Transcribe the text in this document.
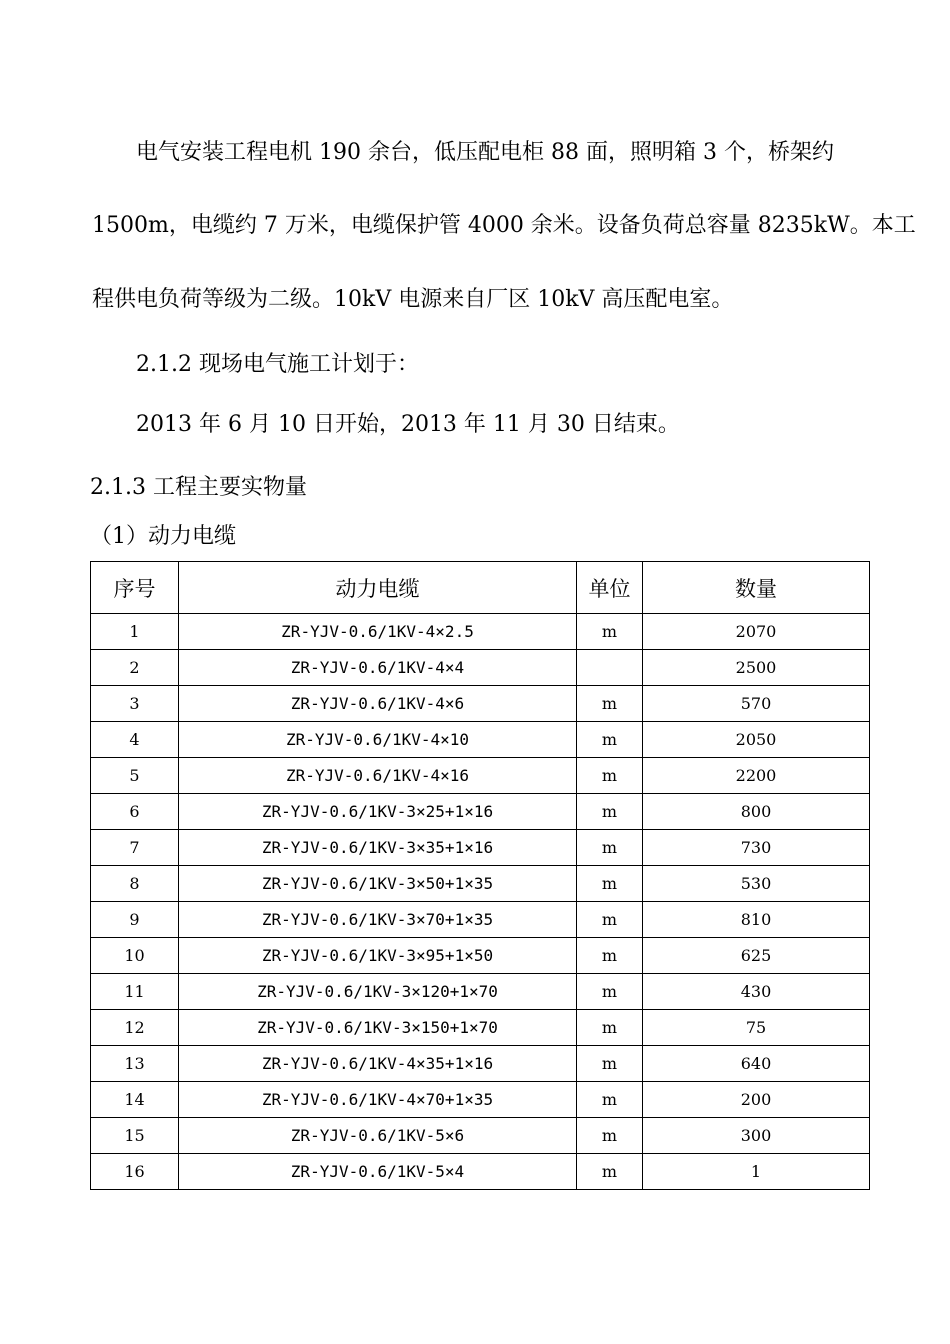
电气安装工程电机 190 余台，低压配电柜 88 面，照明箱 3 个，桥架约
1500m，电缆约 7 万米，电缆保护管 4000 余米。设备负荷总容量 8235kW。本工
程供电负荷等级为二级。10kV 电源来自厂区 10kV 高压配电室。
2.1.2 现场电气施工计划于：
2013 年 6 月 10 日开始，2013 年 11 月 30 日结束。
2.1.3 工程主要实物量
（1）动力电缆
序号	动力电缆	单位	数量
1	ZR-YJV-0.6/1KV-4×2.5	m	2070
2	ZR-YJV-0.6/1KV-4×4		2500
3	ZR-YJV-0.6/1KV-4×6	m	570
4	ZR-YJV-0.6/1KV-4×10	m	2050
5	ZR-YJV-0.6/1KV-4×16	m	2200
6	ZR-YJV-0.6/1KV-3×25+1×16	m	800
7	ZR-YJV-0.6/1KV-3×35+1×16	m	730
8	ZR-YJV-0.6/1KV-3×50+1×35	m	530
9	ZR-YJV-0.6/1KV-3×70+1×35	m	810
10	ZR-YJV-0.6/1KV-3×95+1×50	m	625
11	ZR-YJV-0.6/1KV-3×120+1×70	m	430
12	ZR-YJV-0.6/1KV-3×150+1×70	m	75
13	ZR-YJV-0.6/1KV-4×35+1×16	m	640
14	ZR-YJV-0.6/1KV-4×70+1×35	m	200
15	ZR-YJV-0.6/1KV-5×6	m	300
16	ZR-YJV-0.6/1KV-5×4	m	1
